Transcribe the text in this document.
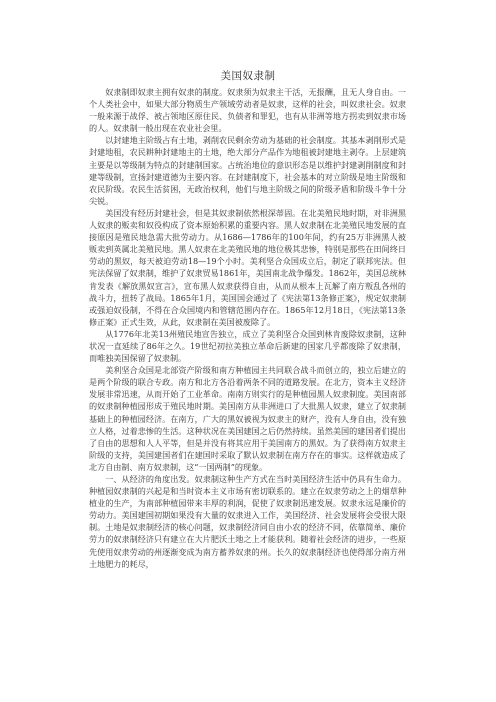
美国奴隶制

奴隶制即奴隶主拥有奴隶的制度。奴隶须为奴隶主干活，无报酬，且无人身自由。一个人类社会中，如果大部分物质生产领域劳动者是奴隶，这样的社会，叫奴隶社会。奴隶一般来源于战俘、被占领地区原住民、负债者和罪犯，也有从非洲等地方拐卖到奴隶市场的人。奴隶制一般出现在农业社会里。

以封建地主阶级占有土地，剥削农民剩余劳动为基础的社会制度。其基本剥削形式是封建地租，农民耕种封建地主的土地，绝大部分产品作为地租被封建地主剥夺。上层建筑主要是以等级制为特点的封建制国家。占统治地位的意识形态是以维护封建剥削制度和封建等级制，宣扬封建道德为主要内容。在封建制度下，社会基本的对立阶级是地主阶级和农民阶级。农民生活贫困，无政治权利，他们与地主阶级之间的阶级矛盾和阶级斗争十分尖锐。

美国没有经历封建社会，但是其奴隶制依然根深蒂固。在北美殖民地时期，对非洲黑人奴隶的贩卖和奴役构成了资本原始积累的重要内容。黑人奴隶制在北美殖民地发展的直接原因是殖民地急需大批劳动力。从1686—1786年的100年间，约有25万非洲黑人被贩卖到英属北美殖民地。黑人奴隶在北美殖民地的地位极其悲惨，特别是那些在田间终日劳动的黑奴，每天被迫劳动18—19个小时。美利坚合众国成立后，制定了联邦宪法。但宪法保留了奴隶制，维护了奴隶贸易1861年，美国南北战争爆发。1862年，美国总统林肯发表《解放黑奴宣言》，宣布黑人奴隶获得自由，从而从根本上瓦解了南方叛乱各州的战斗力，扭转了战局。1865年1月，美国国会通过了《宪法第13条修正案》，规定奴隶制或强迫奴役制，不得在合众国境内和管辖范围内存在。1865年12月18日，《宪法第13条修正案》正式生效，从此，奴隶制在美国被废除了。

从1776年北美13州殖民地宣告独立，成立了美利坚合众国到林肯废除奴隶制，这种状况一直延续了86年之久。19世纪初拉美独立革命后新建的国家几乎都废除了奴隶制，而唯独美国保留了奴隶制。

美利坚合众国是北部资产阶级和南方种植园主共同联合战斗而创立的，独立后建立的是两个阶级的联合专政。南方和北方各沿着两条不同的道路发展。在北方，资本主义经济发展非常迅速，从而开始了工业革命。南南方则实行的是种植园黑人奴隶制度。美国南部的奴隶制种植园形成于殖民地时期。美国南方从非洲进口了大批黑人奴隶，建立了奴隶制基础上的种植园经济。在南方，广大的黑奴被视为奴隶主的财产，没有人身自由，没有独立人格，过着悲惨的生活。这种状况在美国建国之后仍然持续。虽然美国的建国者们提出了自由的思想和人人平等，但是并没有将其应用于美国南方的黑奴。为了获得南方奴隶主阶级的支持，美国建国者们在建国时采取了默认奴隶制在南方存在的事实。这样就造成了北方自由制、南方奴隶制，这“一国两制”的现象。

一、从经济的角度出发。奴隶制这种生产方式在当时美国经济生活中仍具有生命力。种植园奴隶制的兴起是和当时资本主义市场有密切联系的。建立在奴隶劳动之上的烟草种植业的生产，为南部种植园带来丰厚的利润，促使了奴隶制迅速发展。奴隶永远是廉价的劳动力。美国建国初期如果没有大量的奴隶进入工作，美国经济、社会发展将会受很大限制。土地是奴隶制经济的核心问题，奴隶制经济同自由小农的经济不同，依靠简单、廉价劳力的奴隶制经济只有建立在大片肥沃土地之上才能获利。随着社会经济的进步，一些原先使用奴隶劳动的州逐渐变成为南方蓄养奴隶的州。长久的奴隶制经济也使得部分南方州土地肥力的耗尽，
